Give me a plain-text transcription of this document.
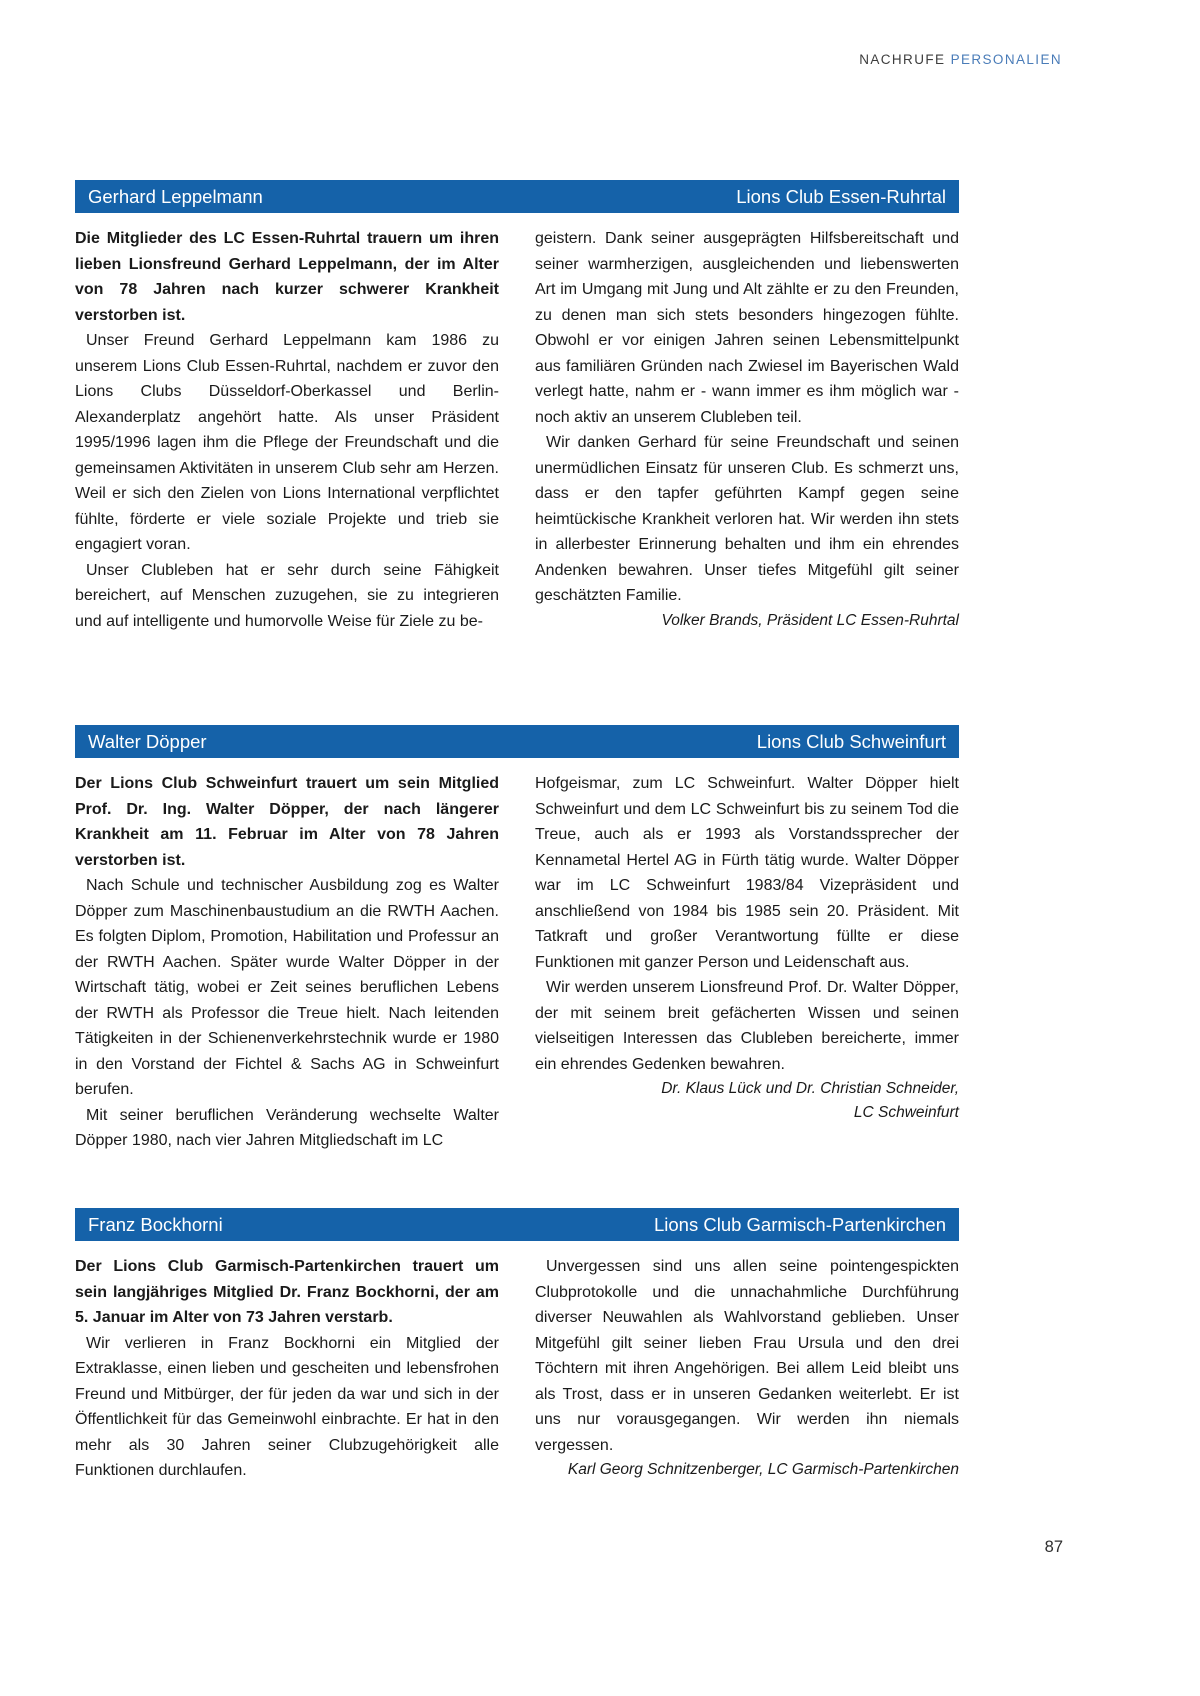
NACHRUFE PERSONALIEN
Gerhard Leppelmann	Lions Club Essen-Ruhrtal

Die Mitglieder des LC Essen-Ruhrtal trauern um ihren lieben Lionsfreund Gerhard Leppelmann, der im Alter von 78 Jahren nach kurzer schwerer Krankheit verstorben ist.

Unser Freund Gerhard Leppelmann kam 1986 zu unserem Lions Club Essen-Ruhrtal, nachdem er zuvor den Lions Clubs Düsseldorf-Oberkassel und Berlin-Alexanderplatz angehört hatte. Als unser Präsident 1995/1996 lagen ihm die Pflege der Freundschaft und die gemeinsamen Aktivitäten in unserem Club sehr am Herzen. Weil er sich den Zielen von Lions International verpflichtet fühlte, förderte er viele soziale Projekte und trieb sie engagiert voran.

Unser Clubleben hat er sehr durch seine Fähigkeit bereichert, auf Menschen zuzugehen, sie zu integrieren und auf intelligente und humorvolle Weise für Ziele zu be-

geistern. Dank seiner ausgeprägten Hilfsbereitschaft und seiner warmherzigen, ausgleichenden und liebenswerten Art im Umgang mit Jung und Alt zählte er zu den Freunden, zu denen man sich stets besonders hingezogen fühlte. Obwohl er vor einigen Jahren seinen Lebensmittelpunkt aus familiären Gründen nach Zwiesel im Bayerischen Wald verlegt hatte, nahm er - wann immer es ihm möglich war - noch aktiv an unserem Clubleben teil.

Wir danken Gerhard für seine Freundschaft und seinen unermüdlichen Einsatz für unseren Club. Es schmerzt uns, dass er den tapfer geführten Kampf gegen seine heimtückische Krankheit verloren hat. Wir werden ihn stets in allerbester Erinnerung behalten und ihm ein ehrendes Andenken bewahren. Unser tiefes Mitgefühl gilt seiner geschätzten Familie.

Volker Brands, Präsident LC Essen-Ruhrtal

Walter Döpper	Lions Club Schweinfurt

Der Lions Club Schweinfurt trauert um sein Mitglied Prof. Dr. Ing. Walter Döpper, der nach längerer Krankheit am 11. Februar im Alter von 78 Jahren verstorben ist.

Nach Schule und technischer Ausbildung zog es Walter Döpper zum Maschinenbaustudium an die RWTH Aachen. Es folgten Diplom, Promotion, Habilitation und Professur an der RWTH Aachen. Später wurde Walter Döpper in der Wirtschaft tätig, wobei er Zeit seines beruflichen Lebens der RWTH als Professor die Treue hielt. Nach leitenden Tätigkeiten in der Schienenverkehrstechnik wurde er 1980 in den Vorstand der Fichtel & Sachs AG in Schweinfurt berufen.

Mit seiner beruflichen Veränderung wechselte Walter Döpper 1980, nach vier Jahren Mitgliedschaft im LC

Hofgeismar, zum LC Schweinfurt. Walter Döpper hielt Schweinfurt und dem LC Schweinfurt bis zu seinem Tod die Treue, auch als er 1993 als Vorstandssprecher der Kennametal Hertel AG in Fürth tätig wurde. Walter Döpper war im LC Schweinfurt 1983/84 Vizepräsident und anschließend von 1984 bis 1985 sein 20. Präsident. Mit Tatkraft und großer Verantwortung füllte er diese Funktionen mit ganzer Person und Leidenschaft aus.

Wir werden unserem Lionsfreund Prof. Dr. Walter Döpper, der mit seinem breit gefächerten Wissen und seinen vielseitigen Interessen das Clubleben bereicherte, immer ein ehrendes Gedenken bewahren.

Dr. Klaus Lück und Dr. Christian Schneider,

LC Schweinfurt

Franz Bockhorni	Lions Club Garmisch-Partenkirchen

Der Lions Club Garmisch-Partenkirchen trauert um sein langjähriges Mitglied Dr. Franz Bockhorni, der am 5. Januar im Alter von 73 Jahren verstarb.

Wir verlieren in Franz Bockhorni ein Mitglied der Extraklasse, einen lieben und gescheiten und lebensfrohen Freund und Mitbürger, der für jeden da war und sich in der Öffentlichkeit für das Gemeinwohl einbrachte. Er hat in den mehr als 30 Jahren seiner Clubzugehörigkeit alle Funktionen durchlaufen.

Unvergessen sind uns allen seine pointengespickten Clubprotokolle und die unnachahmliche Durchführung diverser Neuwahlen als Wahlvorstand geblieben. Unser Mitgefühl gilt seiner lieben Frau Ursula und den drei Töchtern mit ihren Angehörigen. Bei allem Leid bleibt uns als Trost, dass er in unseren Gedanken weiterlebt. Er ist uns nur vorausgegangen. Wir werden ihn niemals vergessen.

Karl Georg Schnitzenberger, LC Garmisch-Partenkirchen

87
